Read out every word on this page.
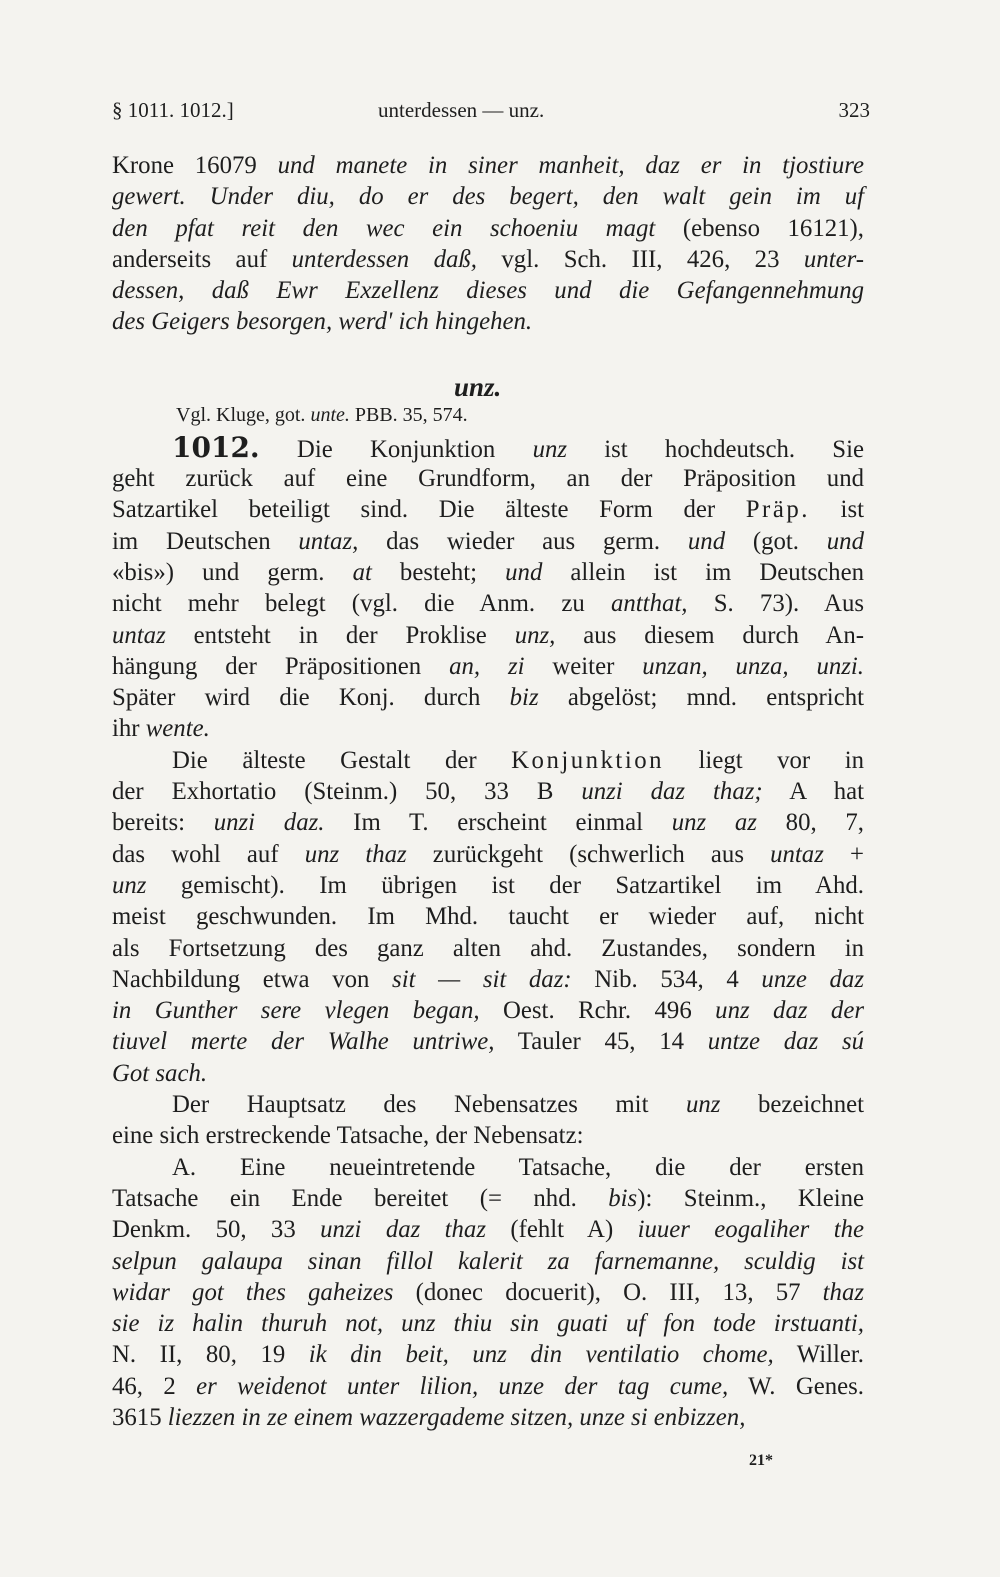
§ 1011. 1012.]	unterdessen — unz.	323
unz.
Vgl. Kluge, got. unte. PBB. 35, 574.
Krone 16079 und manete in siner manheit, daz er in tjostiure
gewert. Under diu, do er des begert, den walt gein im uf
den pfat reit den wec ein schoeniu magt (ebenso 16121),
anderseits auf unterdessen daß, vgl. Sch. III, 426, 23 unter-
dessen, daß Ewr Exzellenz dieses und die Gefangennehmung
des Geigers besorgen, werd' ich hingehen.
1012. Die Konjunktion unz ist hochdeutsch. Sie
geht zurück auf eine Grundform, an der Präposition und
Satzartikel beteiligt sind. Die älteste Form der Präp. ist
im Deutschen untaz, das wieder aus germ. und (got. und
«bis») und germ. at besteht; und allein ist im Deutschen
nicht mehr belegt (vgl. die Anm. zu antthat, S. 73). Aus
untaz entsteht in der Proklise unz, aus diesem durch An-
hängung der Präpositionen an, zi weiter unzan, unza, unzi.
Später wird die Konj. durch biz abgelöst; mnd. entspricht
ihr wente.
Die älteste Gestalt der Konjunktion liegt vor in
der Exhortatio (Steinm.) 50, 33 B unzi daz thaz; A hat
bereits: unzi daz. Im T. erscheint einmal unz az 80, 7,
das wohl auf unz thaz zurückgeht (schwerlich aus untaz +
unz gemischt). Im übrigen ist der Satzartikel im Ahd.
meist geschwunden. Im Mhd. taucht er wieder auf, nicht
als Fortsetzung des ganz alten ahd. Zustandes, sondern in
Nachbildung etwa von sit — sit daz: Nib. 534, 4 unze daz
in Gunther sere vlegen began, Oest. Rchr. 496 unz daz der
tiuvel merte der Walhe untriwe, Tauler 45, 14 untze daz sú
Got sach.
Der Hauptsatz des Nebensatzes mit unz bezeichnet
eine sich erstreckende Tatsache, der Nebensatz:
A. Eine neueintretende Tatsache, die der ersten
Tatsache ein Ende bereitet (= nhd. bis): Steinm., Kleine
Denkm. 50, 33 unzi daz thaz (fehlt A) iuuer eogaliher the
selpun galaupa sinan fillol kalerit za farnemanne, sculdig ist
widar got thes gaheizes (donec docuerit), O. III, 13, 57 thaz
sie iz halin thuruh not, unz thiu sin guati uf fon tode irstuanti,
N. II, 80, 19 ik din beit, unz din ventilatio chome, Willer.
46, 2 er weidenot unter lilion, unze der tag cume, W. Genes.
3615 liezzen in ze einem wazzergademe sitzen, unze si enbizzen,
21*
